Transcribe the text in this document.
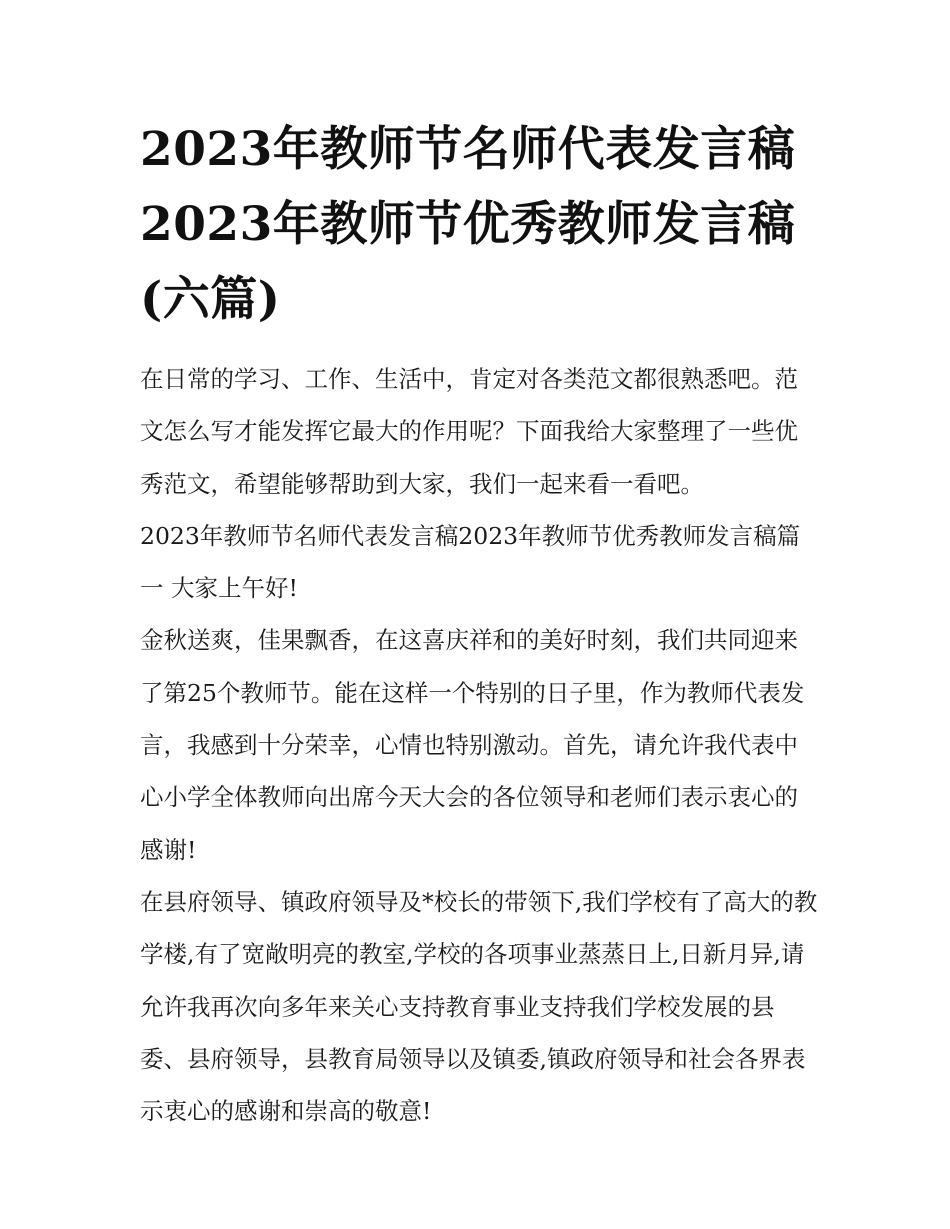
2023年教师节名师代表发言稿2023年教师节优秀教师发言稿(六篇)

在日常的学习、工作、生活中，肯定对各类范文都很熟悉吧。范文怎么写才能发挥它最大的作用呢？下面我给大家整理了一些优秀范文，希望能够帮助到大家，我们一起来看一看吧。

2023年教师节名师代表发言稿2023年教师节优秀教师发言稿篇一 大家上午好!

金秋送爽，佳果飘香，在这喜庆祥和的美好时刻，我们共同迎来了第25个教师节。能在这样一个特别的日子里，作为教师代表发言，我感到十分荣幸，心情也特别激动。首先，请允许我代表中心小学全体教师向出席今天大会的各位领导和老师们表示衷心的感谢!

在县府领导、镇政府领导及*校长的带领下,我们学校有了高大的教学楼,有了宽敞明亮的教室,学校的各项事业蒸蒸日上,日新月异,请允许我再次向多年来关心支持教育事业支持我们学校发展的县委、县府领导，县教育局领导以及镇委,镇政府领导和社会各界表示衷心的感谢和崇高的敬意!
